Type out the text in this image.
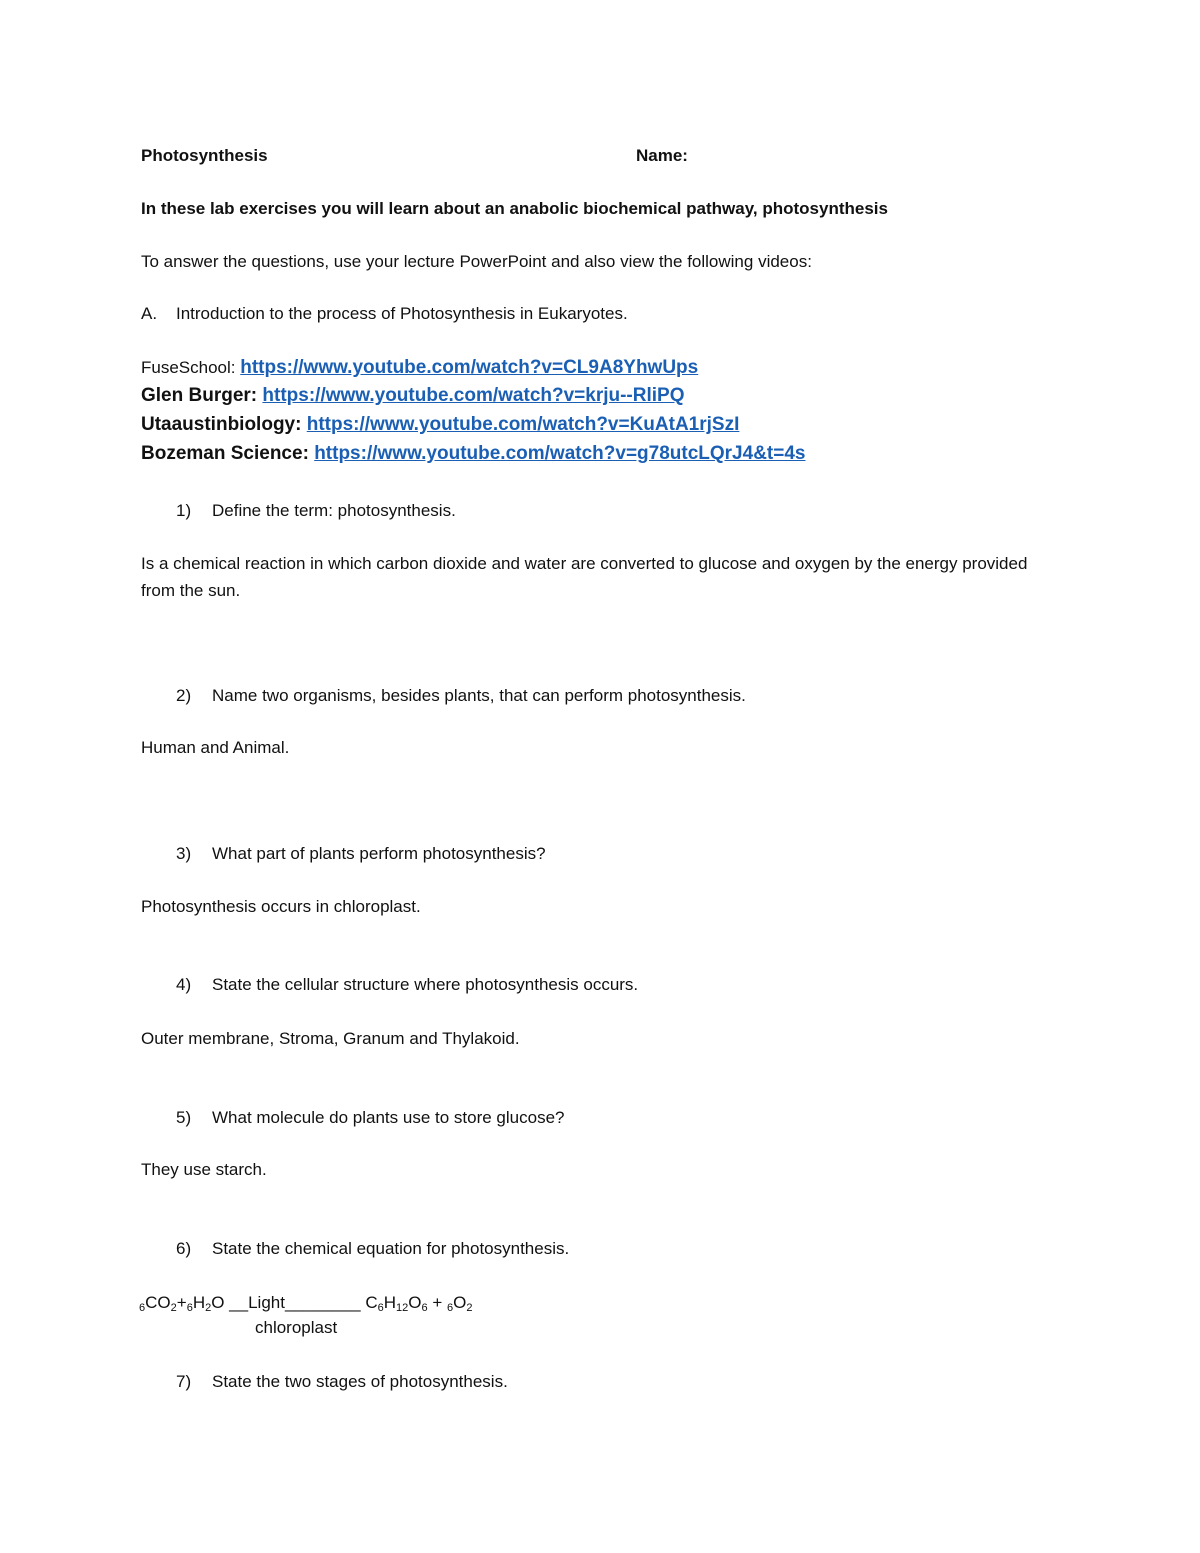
Photosynthesis	Name:
In these lab exercises you will learn about an anabolic biochemical pathway, photosynthesis
To answer the questions, use your lecture PowerPoint and also view the following videos:
A. Introduction to the process of Photosynthesis in Eukaryotes.
FuseSchool: https://www.youtube.com/watch?v=CL9A8YhwUps
Glen Burger: https://www.youtube.com/watch?v=krju--RliPQ
Utaaustinbiology: https://www.youtube.com/watch?v=KuAtA1rjSzI
Bozeman Science: https://www.youtube.com/watch?v=g78utcLQrJ4&t=4s
1) Define the term: photosynthesis.
Is a chemical reaction in which carbon dioxide and water are converted to glucose and oxygen by the energy provided from the sun.
2) Name two organisms, besides plants, that can perform photosynthesis.
Human and Animal.
3) What part of plants perform photosynthesis?
Photosynthesis occurs in chloroplast.
4) State the cellular structure where photosynthesis occurs.
Outer membrane, Stroma, Granum and Thylakoid.
5) What molecule do plants use to store glucose?
They use starch.
6) State the chemical equation for photosynthesis.
$6CO_2+6H_2O$ __Light________ $C_6H_{12}O_6 + 6O_2$
chloroplast
7) State the two stages of photosynthesis.
